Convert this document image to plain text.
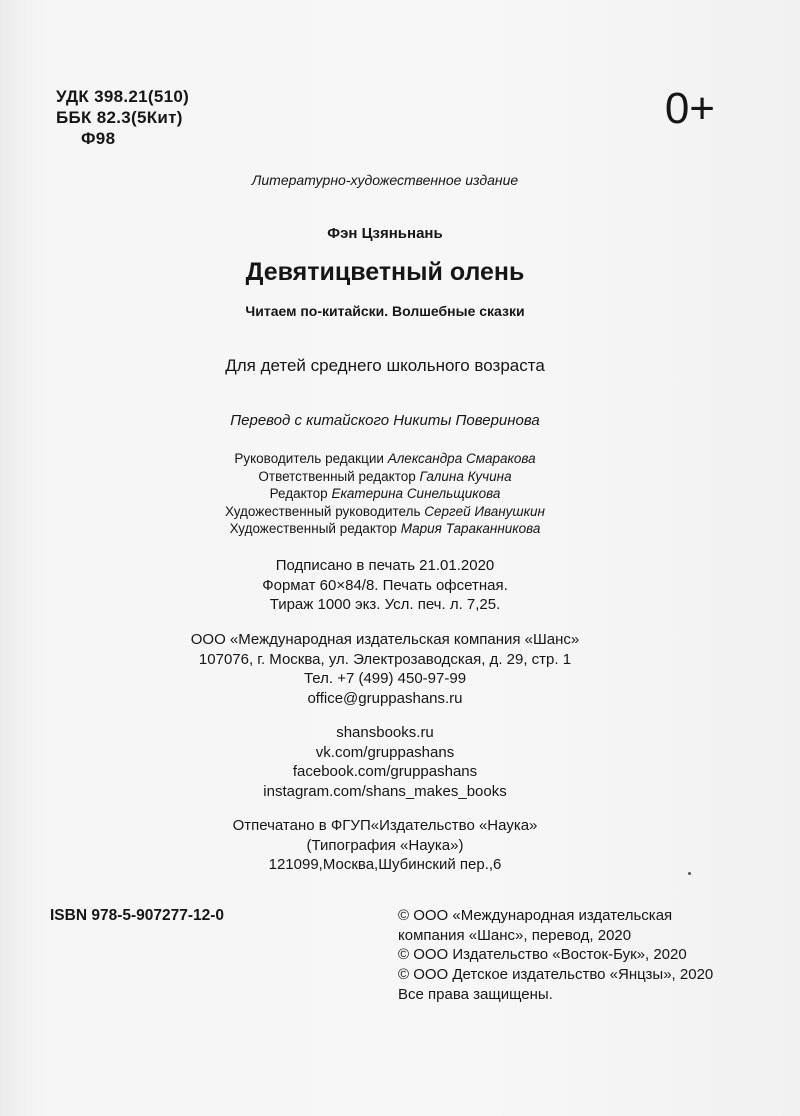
УДК 398.21(510)
ББК 82.3(5Кит)
Ф98
0+
Литературно-художественное издание
Фэн Цзяньнань
Девятицветный олень
Читаем по-китайски. Волшебные сказки
Для детей среднего школьного возраста
Перевод с китайского Никиты Поверинова
Руководитель редакции Александра Смаракова
Ответственный редактор Галина Кучина
Редактор Екатерина Синельщикова
Художественный руководитель Сергей Иванушкин
Художественный редактор Мария Тараканникова
Подписано в печать 21.01.2020
Формат 60×84/8. Печать офсетная.
Тираж 1000 экз. Усл. печ. л. 7,25.
ООО «Международная издательская компания «Шанс»
107076, г. Москва, ул. Электрозаводская, д. 29, стр. 1
Тел. +7 (499) 450-97-99
office@gruppashans.ru
shansbooks.ru
vk.com/gruppashans
facebook.com/gruppashans
instagram.com/shans_makes_books
Отпечатано в ФГУП«Издательство «Наука»
(Типография «Наука»)
121099,Москва,Шубинский пер.,6
ISBN 978-5-907277-12-0	© ООО «Международная издательская
компания «Шанс», перевод, 2020
© ООО Издательство «Восток-Бук», 2020
© ООО Детское издательство «Янцзы», 2020
Все права защищены.
